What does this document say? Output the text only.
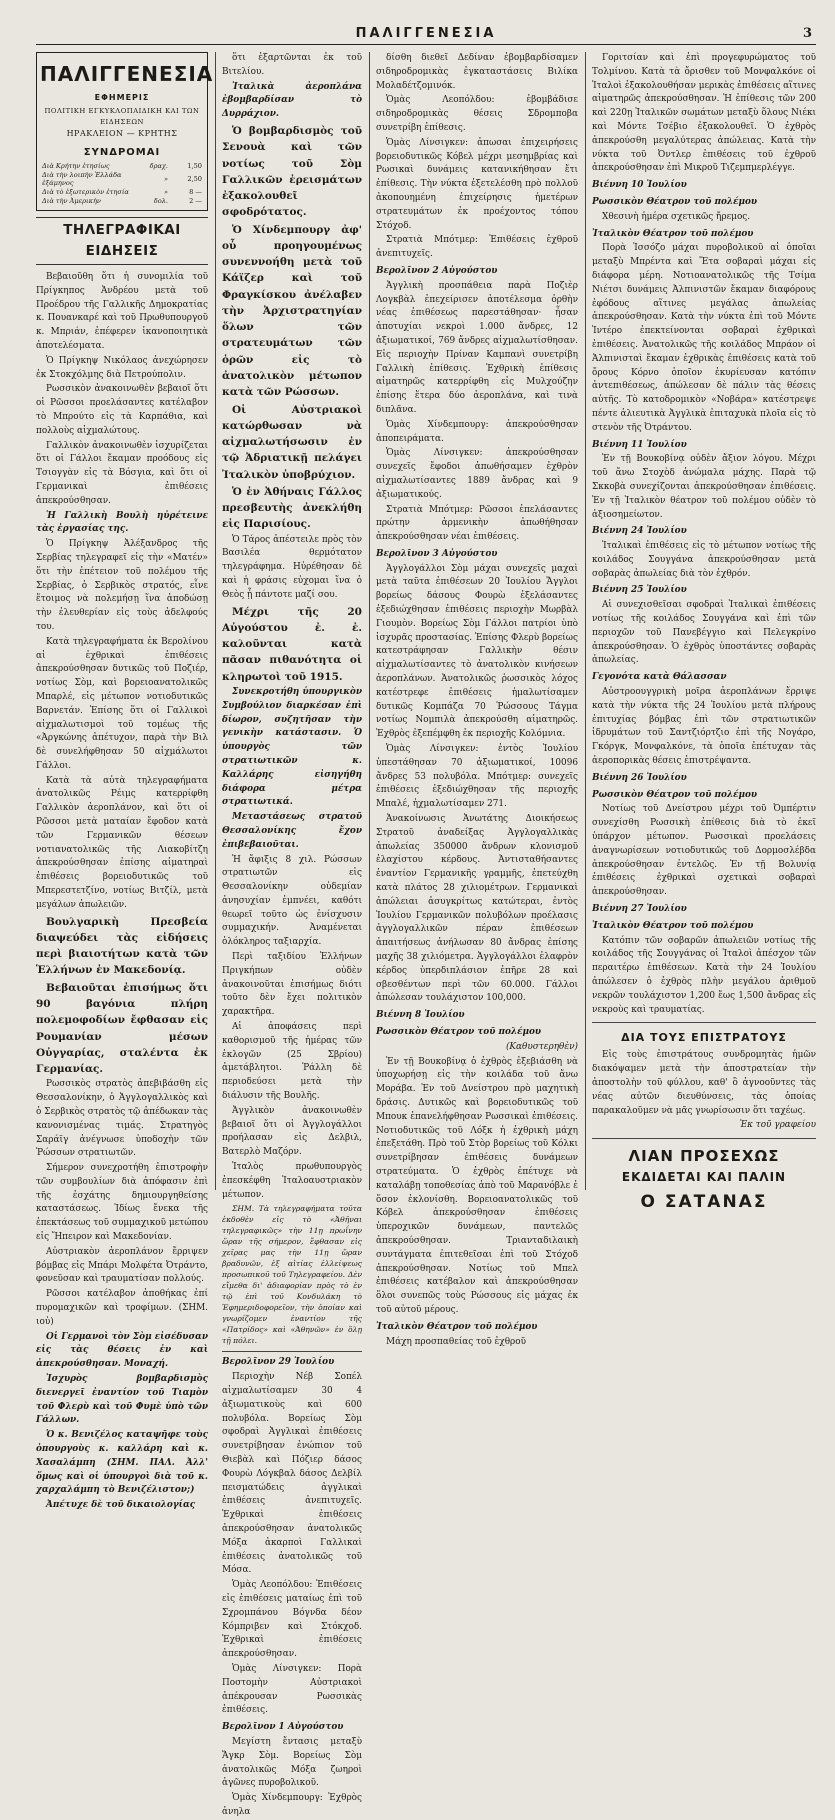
ΠΑΛΙΓΓΕΝΕΣΙΑ	3
ΠΑΛΙΓΓΕΝΕΣΙΑ
ΕΦΗΜΕΡΙΣ
ΠΟΛΙΤΙΚΗ ΕΓΚΥΚΛΟΠΑΙΔΙΚΗ ΚΑΙ ΤΩΝ ΕΙΔΗΣΕΩΝ
ΗΡΑΚΛΕΙΟΝ — ΚΡΗΤΗΣ
ΣΥΝΔΡΟΜΑΙ
Διὰ Κρήτην ἐτησίως	δραχ.	1,50
Διὰ τὴν λοιπὴν Ἑλλάδα ἐξάμηνος	»	2,50
Διὰ τὸ ἐξωτερικὸν ἐτησία	»	8 —
Διὰ τὴν Ἀμερικὴν	δολ.	2 —
ΤΗΛΕΓΡΑΦΙΚΑΙ ΕΙΔΗΣΕΙΣ

Βεβαιοῦθη ὅτι ἡ συνομιλία τοῦ Πρίγκηπος Ἀνδρέου μετὰ τοῦ Προέδρου τῆς Γαλλικῆς Δημοκρατίας κ. Πουανκαρέ καὶ τοῦ Πρωθυπουργοῦ κ. Μπριάν, ἐπέφερεν ἱκανοποιητικὰ ἀποτελέσματα.

Ὁ Πρίγκηψ Νικόλαος ἀνεχώρησεν ἐκ Στοκχόλμης διὰ Πετρούπολιν.

Ρωσσικὸν ἀνακοινωθὲν βεβαιοῖ ὅτι οἱ Ρῶσσοι προελάσαντες κατέλαβον τὸ Μπρούτο εἰς τὰ Καρπάθια, καὶ πολλοὺς αἰχμαλώτους.

Γαλλικὸν ἀνακοινωθὲν ἰσχυρίζεται ὅτι οἱ Γάλλοι ἔκαμαν προόδους εἰς Τσιογγὰν εἰς τὰ Βόσγια, καὶ ὅτι οἱ Γερμανικαὶ ἐπιθέσεις ἀπεκρούσθησαν.

Ἡ Γαλλικὴ Βουλὴ ηὐρέτεινε τὰς ἐργασίας της.

Ὁ Πρίγκηψ Ἀλέξανδρος τῆς Σερβίας τηλεγραφεῖ εἰς τὴν «Ματέν» ὅτι τὴν ἐπέτειον τοῦ πολέμου τῆς Σερβίας, ὁ Σερβικὸς στρατός, εἶνε ἕτοιμος νὰ πολεμήσῃ ἵνα ἀποδώσῃ τὴν ἐλευθερίαν εἰς τοὺς ἀδελφούς του.

Κατὰ τηλεγραφήματα ἐκ Βερολίνου αἱ ἐχθρικαὶ ἐπιθέσεις ἀπεκρούσθησαν δυτικῶς τοῦ Ποζιέρ, νοτίως Σὸμ, καὶ βορειοανατολικῶς Μπαρλέ, εἰς μέτωπον νοτιοδυτικῶς Βαρνετάν. Ἐπίσης ὅτι οἱ Γαλλικοὶ αἰχμαλωτισμοὶ τοῦ τομέως τῆς «Ἀργκώνης ἀπέτυχον, παρὰ τὴν Βιλ δὲ συνελήφθησαν 50 αἰχμάλωτοι Γάλλοι.

Κατὰ τὰ αὐτὰ τηλεγραφήματα ἀνατολικῶς Ρέιμς κατερρίφθη Γαλλικὸν ἀεροπλάνον, καὶ ὅτι οἱ Ρῶσσοι μετὰ ματαίαν ἔφοδον κατὰ τῶν Γερμανικῶν θέσεων νοτιανατολικῶς τῆς Λιακοβίτζη ἀπεκρούσθησαν ἐπίσης αἱματηραὶ ἐπιθέσεις βορειοδυτικῶς τοῦ Μπερεστετζίνο, νοτίως Βιτζίλ, μετὰ μεγάλων ἀπωλειῶν.

Βουλγαρικὴ Πρεσβεία διαψεύδει τὰς εἰδήσεις περὶ βιαιοτήτων κατὰ τῶν Ἑλλήνων ἐν Μακεδονίᾳ.

Βεβαιοῦται ἐπισήμως ὅτι 90 βαγόνια πλήρη πολεμοφοδίων ἔφθασαν εἰς Ρουμανίαν μέσων Οὐγγαρίας, σταλέντα ἐκ Γερμανίας.

Ρωσσικὸς στρατὸς ἀπεβιβάσθη εἰς Θεσσαλονίκην, ὁ Ἀγγλογαλλικὸς καὶ ὁ Σερβικὸς στρατὸς τῷ ἀπέδωκαν τὰς κανονισμένας τιμάς. Στρατηγὸς Σαράϊγ ἀνέγνωσε ὑποδοχὴν τῶν Ῥώσσων στρατιωτῶν.

Σήμερον συνεχροτήθη ἐπιστροφὴν τῶν συμβουλίων διὰ ἀπόφασιν ἐπὶ τῆς ἐσχάτης δημιουργηθείσης καταστάσεως. Ἰδίως ἔνεκα τῆς ἐπεκτάσεως τοῦ συμμαχικοῦ μετώπου εἰς Ἤπειρον καὶ Μακεδονίαν.

Αὐστριακὸν ἀεροπλάνον ἔρριψεν βόμβας εἰς Μπάρι Μολφέτα Ὀτράντο, φονεῦσαν καὶ τραυματίσαν πολλούς.

Ρῶσσοι κατέλαβον ἀποθήκας ἐπί πυρομαχικῶν καὶ τροφίμων. (ΣΗΜ. ιοὐ)

Οἱ Γερμανοὶ τὸν Σὸμ εἰσέδυσαν εἰς τὰς θέσεις ἐν καὶ ἀπεκρούσθησαν. Μοναχή.

Ἰσχυρὸς βομβαρδισμὸς διενεργεῖ ἐναντίον τοῦ Τιαμὸν τοῦ Φλερὺ καὶ τοῦ Φυμὲ ὑπὸ τῶν Γάλλων.

Ὁ κ. Βενιζέλος καταψῆφε τοὺς ὀπουργοὺς κ. καλλάρη καὶ κ. Χασαλάμπη (ΣΗΜ. ΠΑΛ. Ἀλλ' ὅμως καὶ οἱ ὑπουργοὶ διὰ τοῦ κ. χαρχαλάμπη τὸ Βενιζέλιστον;)

Ἀπέτυχε δὲ τοῦ δικαιολογίας

ὅτι ἐξαρτῶνται ἐκ τοῦ Βιτελίου.

Ἰταλικὰ ἀεροπλάνα ἐβομβαρδίσαν τὸ Δυρράχιον.

Ὁ βομβαρδισμὸς τοῦ Σενουὰ καὶ τῶν νοτίως τοῦ Σὸμ Γαλλικῶν ἐρεισμάτων ἐξακολουθεῖ σφοδρότατος.

Ὁ Χίνδεμπουργ ἀφ' οὗ προηγουμένως συνεννοήθη μετὰ τοῦ Κάϊζερ καὶ τοῦ Φραγκίσκου ἀνέλαβεν τὴν Ἀρχιστρατηγίαν ὅλων τῶν στρατευμάτων τῶν ὁρῶν εἰς τὸ ἀνατολικὸν μέτωπον κατὰ τῶν Ρώσσων.

Οἱ Αὐστριακοὶ κατώρθωσαν νὰ αἰχμαλωτήσωσιν ἐν τῷ Ἀδριατικῇ πελάγει Ἰταλικὸν ὑποβρύχιον.

Ὁ ἐν Ἀθήναις Γάλλος πρεσβευτὴς ἀνεκλήθη εἰς Παρισίους.

Ὁ Τάρος ἀπέστειλε πρὸς τὸν Βασιλέα θερμότατον τηλεγράφημα. Ηὐρέθησαν δὲ καὶ ἡ φράσις εὐχομαι ἵνα ὁ Θεὸς ᾖ πάντοτε μαζί σου.

Μέχρι τῆς 20 Αὐγούστου ἐ. ἐ. καλοῦνται κατὰ πᾶσαν πιθανότητα οἱ κληρωτοὶ τοῦ 1915.

Συνεκροτήθη ὑπουργικὸν Συμβούλιον διαρκέσαν ἐπὶ δίωρον, συζητῆσαν τὴν γενικὴν κατάστασιν. Ὁ ὑπουργὸς τῶν στρατιωτικῶν κ. Καλλάρης εἰσηγήθη διάφορα μέτρα στρατιωτικά.

Μεταστάσεως στρατοῦ Θεσσαλονίκης ἔχον ἐπιβεβαιοῦται.

Ἡ ἄφιξις 8 χιλ. Ρώσσων στρατιωτῶν εἰς Θεσσαλονίκην οὐδεμίαν ἀνησυχίαν ἐμπνέει, καθότι θεωρεῖ τοῦτο ὡς ἐνίσχυσιν συμμαχικήν. Ἀναμένεται ὁλόκληρος ταξιαρχία.

Περὶ ταξιδίου Ἑλλήνων Πριγκήπων οὐδὲν ἀνακοινοῦται ἐπισήμως διότι τοῦτο δὲν ἔχει πολιτικὸν χαρακτῆρα.

Αἱ ἀποφάσεις περὶ καθορισμοῦ τῆς ἡμέρας τῶν ἐκλογῶν (25 Σβρίου) ἀμετάβλητοι. Ῥάλλη δὲ περιοδεύσει μετὰ τὴν διάλυσιν τῆς Βουλῆς.

Ἀγγλικὸν ἀνακοινωθὲν βεβαιοῖ ὅτι οἱ Ἀγγλογάλλοι προήλασαν εἰς Δελβιλ, Βατερλὸ Μαζόρν.

Ἰταλὸς πρωθυπουργὸς ἐπεσκέφθη Ἰταλοαυστριακὸν μέτωπον.

ΣΗΜ. Τὰ τηλεγραφήματα τοῦτα ἐκδοθὲν εἰς τὸ «Ἀθῆναι τηλεγραφικῶς» τὴν 11ῃ πρωΐνην ὥραν τῆς σήμερον, ἔφθασαν εἰς χεῖρας μας τὴν 11ῃ ὥραν βραδυνῶν, ἐξ αἰτίας ἐλλείψεως προσωπικοῦ τοῦ Τηλεγραφείου. Δὲν εἴμεθα δι' ἀδιαφορίαν πρὸς τὸ ἐν τῷ ἐπὶ τοῦ Κονδυλάκη τὸ Ἐφημεριδοφορεῖον, τὴν ὁποίαν καὶ γνωρίζομεν ἐναντίον τῆς «Πατρίδος» καὶ «Ἀθηνῶν» ἐν ὅλῃ τῇ πόλει.

Βερολῖνον 29 Ἰουλίου

Περιοχὴν Νέβ Σοπέλ αἰχμαλωτίσαμεν 30 4 ἀξιωματικοὺς καὶ 600 πολυβόλα. Βορείως Σὸμ σφοδραὶ Ἀγγλικαὶ ἐπιθέσεις συνετρίβησαν ἐνώπιον τοῦ Θιεβὰλ καὶ Πόζιερ δάσος Φουρὼ Λόγκβαλ δάσος Δελβίλ πεισματώδεις ἀγγλικαὶ ἐπιθέσεις ἀνεπιτυχεῖς. Ἐχθρικαὶ ἐπιθέσεις ἀπεκρούσθησαν ἀνατολικῶς Μόξα ἀκαρποὶ Γαλλικαὶ ἐπιθέσεις ἀνατολικῶς τοῦ Μόσα.

Ὁμὰς Λεοπόλδου: Ἐπιθέσεις εἰς ἐπιθέσεις ματαίως ἐπὶ τοῦ Σχρομπάνου Βόγνδα δέον Κόμπριβεν καὶ Στόκχοδ. Ἐχθρικαὶ ἐπιθέσεις ἀπεκρούσθησαν.

Ὁμὰς Λίνσιγκεν: Πορὰ Ποστομὴν Αὐστριακοὶ ἀπέκρουσαν Ρωσσικὰς ἐπιθέσεις.

Βερολῖνον 1 Αὐγούστου

Μεγίστη ἔντασις μεταξὺ Ἄγκρ Σὸμ. Βορείως Σὸμ ἀνατολικῶς Μόξα ζωηροὶ ἀγῶνες πυροβολικοῦ.

Ὁμὰς Χίνδεμπουργ: Ἐχθρὸς ἀνηλα

δίσθη διεθεῖ Δεδίναν ἐβομβαρδίσαμεν σιδηροδρομικὰς ἐγκαταστάσεις Βιλίκα Μολαδέτζομινόκ.

Ὁμὰς Λεοπόλδου: ἐβομβάδισε σιδηροδρομικὰς θέσεις Σδρομποβα συνετρίβη ἐπίθεσις.

Ὁμὰς Λίνσιγκεν: ἀπωσαι ἐπιχειρήσεις βορειοδυτικῶς Κόβελ μέχρι μεσημβρίας καὶ Ρωσικαὶ δυνάμεις κατανικήθησαν ἔτι ἐπίθεσις. Τὴν νύκτα ἐξετελέσθη πρὸ πολλοῦ ἀκοπουημένη ἐπιχείρησις ἡμετέρων στρατευμάτων ἐκ προέχοντος τόπου Στόχοδ.

Στρατιὰ Μπότμερ: Ἐπιθέσεις ἐχθροῦ ἀνεπιτυχεῖς.

Βερολῖνον 2 Αὐγούστου

Ἀγγλικὴ προσπάθεια παρὰ Ποζιὲρ Λογκβὰλ ἐπεχείρισεν ἀποτέλεσμα ὀρθὴν νέας ἐπιθέσεως παρεστάθησαν· ἦσαν ἀποτυχίαι νεκροὶ 1.000 ἄνδρες, 12 ἀξιωματικοί, 769 ἄνδρες αἰχμαλωτίσθησαν. Εἰς περιοχὴν Πρίναν Καμπανὶ συνετρίβη Γαλλικὴ ἐπίθεσις. Ἐχθρικὴ ἐπίθεσις αἱματηρῶς κατερρίφθη εἰς Μυλχούζην ἐπίσης ἕτερα δύο ἀεροπλάνα, καὶ τινὰ διπλᾶνα.

Ὁμὰς Χίνδεμπουργ: ἀπεκρούσθησαν ἀποπειράματα.

Ὁμὰς Λίνσιγκεν: ἀπεκρούσθησαν συνεχεῖς ἔφοδοι ἀπωθήσαμεν ἐχθρὸν αἰχμαλωτίσαντες 1889 ἄνδρας καὶ 9 ἀξιωματικούς.

Στρατιὰ Μπότμερ: Ρῶσσοι ἐπελάσαντες πρώτην ἀρμενικὴν ἀπωθήθησαν ἀπεκρούσθησαν νέαι ἐπιθέσεις.

Βερολῖνον 3 Αὐγούστου

Ἀγγλογάλλοι Σὸμ μάχαι συνεχεῖς μαχαὶ μετὰ ταῦτα ἐπιθέσεων 20 Ἰουλίου Ἄγγλοι βορείως δάσους Φουρὼ ἐξελάσαντες ἐξεδιώχθησαν ἐπιθέσεις περιοχὴν Μωρβὰλ Γιουμὸν. Βορείως Σὸμ Γάλλοι πατρίοι ὑπὸ ἰσχυρᾶς προστασίας. Ἐπίσης Φλερὺ βορείως κατεστράφησαν Γαλλικὴν θέσιν αἰχμαλωτίσαντες τὸ ἀνατολικὸν κινήσεων ἀεροπλάνων. Ἀνατολικῶς ῥωσσικὸς λόχος κατέστρεφε ἐπιθέσεις ἠμαλωτίσαμεν δυτικῶς Κομπάζα 70 Ῥώσσους Τάγμα νοτίως Νομπιλὰ ἀπεκρούσθη αἱματηρῶς. Ἐχθρὸς ἐξεπέμφθη ἐκ περιοχῆς Κολόμνια.

Ὁμὰς Λίνσιγκεν: ἐντὸς Ἰουλίου ὑπεστάθησαν 70 ἀξιωματικοί, 10096 ἄνδρες 53 πολυβόλα. Μπότμερ: συνεχεῖς ἐπιθέσεις ἐξεδιώχθησαν τῆς περιοχῆς Μπαλέ, ἠχμαλωτίσαμεν 271.

Ἀνακοίνωσις Ἀνωτάτης Διοικήσεως Στρατοῦ ἀναδείξας Ἀγγλογαλλικὰς ἀπωλείας 350000 ἄνδρων κλονισμοῦ ἐλαχίστου κέρδους. Ἀντισταθήσαντες ἐναντίον Γερμανικῆς γραμμῆς, ἐπετεύχθη κατὰ πλάτος 28 χιλιομέτρων. Γερμανικαὶ ἀπώλειαι ἀσυγκρίτως κατώτεραι, ἐντὸς Ἰουλίου Γερμανικῶν πολυβόλων προέλασις ἀγγλογαλλικῶν πέραν ἐπιθέσεων ἀπαιτήσεως ἀνήλωσαν 80 ἄνδρας ἐπίσης μαχῆς 38 χιλιόμετρα. Ἀγγλογάλλοι ἐλαφρὸν κέρδος ὑπερδιπλάσιον ἐπῆρε 28 καὶ σβεσθέντων περὶ τῶν 60.000. Γάλλοι ἀπώλεσαν τουλάχιστον 100,000.

Βιέννη 8 Ἰουλίου
Ρωσσικὸν Θέατρον τοῦ πολέμου

(Καθυστερηθὲν)

Ἐν τῇ Βουκοβίνᾳ ὁ ἐχθρὸς ἐξεβιάσθη νὰ ὑποχωρήσῃ εἰς τὴν κοιλάδα τοῦ ἄνω Μοράβα. Ἐν τοῦ Δνείστρου πρὸ μαχητικὴ δράσις. Δυτικῶς καὶ βορειοδυτικῶς τοῦ Μπουκ ἐπανελήφθησαν Ρωσσικαὶ ἐπιθέσεις. Νοτιοδυτικῶς τοῦ Λόξκ ἡ ἐχθρικὴ μάχη ἐπεξετάθη. Πρὸ τοῦ Στὸρ βορείως τοῦ Κόλκι συνετρίβησαν ἐπιθέσεις δυνάμεων στρατεύματα. Ὁ ἐχθρὸς ἐπέτυχε νὰ καταλάβῃ τοποθεσίας ἀπὸ τοῦ Μαρανόβλε ἐ ὅσον ἐκλονίσθη. Βορειοανατολικῶς τοῦ Κόβελ ἀπεκρούσθησαν ἐπιθέσεις ὑπεροχικῶν δυνάμεων, παντελῶς ἀπεκρούσθησαν. Τριανταδιλαικὴ συντάγματα ἐπιτεθεῖσαι ἐπὶ τοῦ Στόχοδ ἀπεκρούσθησαν. Νοτίως τοῦ Μπελ ἐπιθέσεις κατέβαλον καὶ ἀπεκρούσθησαν ὅλοι συνεπῶς τοὺς Ρώσσους εἰς μάχας ἐκ τοῦ αὐτοῦ μέρους.

Ἰταλικὸν Θέατρον τοῦ πολέμου

Μάχη προσπαθείας τοῦ ἐχθροῦ

Γοριτσίαν καὶ ἐπὶ προγεφυρώματος τοῦ Τολμίνου. Κατὰ τὰ ὄρισθεν τοῦ Μονφαλκόνε οἱ Ἰταλοὶ ἐξακολουθήσαν μερικὰς ἐπιθέσεις αἵτινες αἱματηρῶς ἀπεκρούσθησαν. Ἡ ἐπίθεσις τῶν 200 καὶ 220ῃ Ἰταλικῶν σωμάτων μεταξὺ ὅλους Νιέκι καὶ Μόντε Τσέβιο ἐξακολουθεῖ. Ὁ ἐχθρὸς ἀπεκρούσθη μεγαλύτερας ἀπώλειας. Κατὰ τὴν νύκτα τοῦ Ὀντλερ ἐπιθέσεις τοῦ ἐχθροῦ ἀπεκρούσθησαν ἐπὶ Μικροῦ Τιζεμπμερλέγγε.

Βιέννη 10 Ἰουλίου
Ρωσσικὸν Θέατρον τοῦ πολέμου

Χθεσινὴ ἡμέρα σχετικῶς ἤρεμος.

Ἰταλικὸν Θέατρον τοῦ πολέμου

Πορὰ Ἰσσόζο μάχαι πυροβολικοῦ αἱ ὁποῖαι μεταξὺ Μπρέντα καὶ Ἔτα σοβαραὶ μάχαι εἰς διάφορα μέρη. Νοτιοανατολικῶς τῆς Τσίμα Νιέτσι δυνάμεις Ἀλπινιστῶν ἔκαμαν διαφόρους ἐφόδους αἵτινες μεγάλας ἀπωλείας ἀπεκρούσθησαν. Κατὰ τὴν νύκτα ἐπὶ τοῦ Μόντε Ἰντέρο ἐπεκτείνονται σοβαραὶ ἐχθρικαὶ ἐπιθέσεις. Ἀνατολικῶς τῆς κοιλάδος Μπράον οἱ Ἀλπινισταὶ ἔκαμαν ἐχθρικὰς ἐπιθέσεις κατὰ τοῦ ὄρους Κόρνο ὁποῖον ἐκυρίευσαν κατόπιν ἀντεπιθέσεως, ἀπώλεσαν δὲ πάλιν τὰς θέσεις αὐτῆς. Τὸ κατοδρομικὸν «Νοβάρα» κατέστρεψε πέντε ἁλιευτικὰ Ἀγγλικὰ ἐπιταχυκὰ πλοῖα εἰς τὸ στενὸν τῆς Ὀτράντου.

Βιέννη 11 Ἰουλίου

Ἐν τῇ Βουκοβίνᾳ οὐδὲν ἄξιον λόγου. Μέχρι τοῦ ἄνω Στοχὸδ ἀνώμαλα μάχης. Παρὰ τῷ Σκκοβὰ συνεχίζονται ἀπεκρούσθησαν ἐπιθέσεις. Ἐν τῇ Ἰταλικὸν θέατρον τοῦ πολέμου οὐδὲν τὸ ἀξιοσημείωτον.

Βιέννη 24 Ἰουλίου

Ἰταλικαὶ ἐπιθέσεις εἰς τὸ μέτωπον νοτίως τῆς κοιλάδος Σουγγάνα ἀπεκρούσθησαν μετὰ σοβαρὰς ἀπωλείας διὰ τὸν ἐχθρόν.

Βιέννη 25 Ἰουλίου

Αἱ συνεχισθεῖσαι σφοδραὶ Ἰταλικαὶ ἐπιθέσεις νοτίως τῆς κοιλάδος Σουγγάνα καὶ ἐπὶ τῶν περιοχῶν τοῦ Πανεβέγγιο καὶ Πελεγκρίνο ἀπεκρούσθησαν. Ὁ ἐχθρὸς ὑποστάντες σοβαρὰς ἀπωλείας.

Γεγονότα κατὰ Θάλασσαν

Αὐστροουγγρικὴ μοῖρα ἀεροπλάνων ἔρριψε κατὰ τὴν νύκτα τῆς 24 Ἰουλίου μετὰ πλήρους ἐπιτυχίας βόμβας ἐπὶ τῶν στρατιωτικῶν ἱδρυμάτων τοῦ Σαντζιόρτζιο ἐπὶ τῆς Νογάρο, Γκόργκ, Μονφαλκόνε, τὰ ὁποῖα ἐπέτυχαν τὰς ἀεροπορικὰς θέσεις ἐπιστρέψαντα.

Βιέννη 26 Ἰουλίου
Ρωσσικὸν Θέατρον τοῦ πολέμου

Νοτίως τοῦ Δνείστρου μέχρι τοῦ Ὀμπέρτιν συνεχίσθη Ρωσσικὴ ἐπίθεσις διὰ τὸ ἐκεῖ ὑπάρχον μέτωπον. Ρωσσικαὶ προελάσεις ἀναγνωρίσεων νοτιοδυτικῶς τοῦ Δορμοσλέβδα ἀπεκρούσθησαν ἐντελῶς. Ἐν τῇ Βολυνίᾳ ἐπιθέσεις ἐχθρικαὶ σχετικαὶ σοβαραὶ ἀπεκρούσθησαν.

Βιέννη 27 Ἰουλίου
Ἰταλικὸν Θέατρον τοῦ πολέμου

Κατόπιν τῶν σοβαρῶν ἀπωλειῶν νοτίως τῆς κοιλάδος τῆς Σουγγάνας οἱ Ἰταλοὶ ἀπέσχον τῶν περαιτέρω ἐπιθέσεων. Κατὰ τὴν 24 Ἰουλίου ἀπώλεσεν ὁ ἐχθρὸς πλὴν μεγάλου ἀριθμοῦ νεκρῶν τουλάχιστον 1,200 ἔως 1,500 ἄνδρας εἰς νεκροὺς καὶ τραυματίας.

ΔΙΑ ΤΟΥΣ ΕΠΙΣΤΡΑΤΟΥΣ

Εἰς τοὺς ἐπιστράτους συνδρομητὰς ἡμῶν διακόψαμεν μετὰ τὴν ἀποστρατείαν τὴν ἀποστολὴν τοῦ φύλλου, καθ' ὃ ἀγνοοῦντες τὰς νέας αὐτῶν διευθύνσεις, τὰς ὁποίας παρακαλοῦμεν νὰ μᾶς γνωρίσωσιν ὅτι ταχέως.

Ἐκ τοῦ γραφείου

ΛΙΑΝ ΠΡΟΣΕΧΩΣ
ΕΚΔΙΔΕΤΑΙ ΚΑΙ ΠΑΛΙΝ
Ο ΣΑΤΑΝΑΣ
